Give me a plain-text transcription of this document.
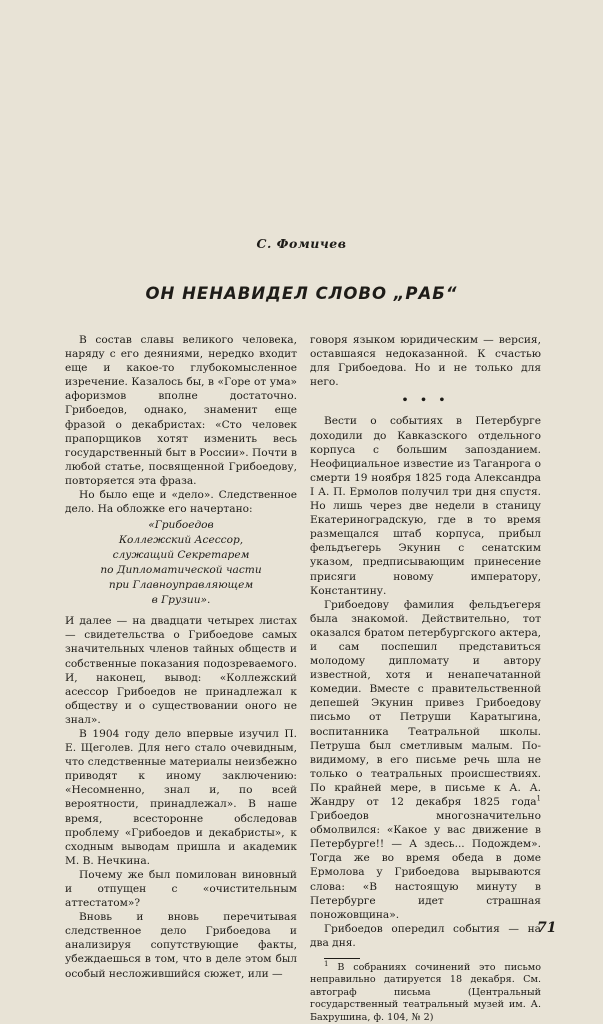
С. Фомичев
ОН НЕНАВИДЕЛ СЛОВО „РАБ“

В состав славы великого человека, наряду с его деяниями, нередко входит еще и какое-то глубокомысленное изречение. Казалось бы, в «Горе от ума» афоризмов вполне достаточно. Грибоедов, однако, знаменит еще фразой о декабристах: «Сто человек прапорщиков хотят изменить весь государственный быт в России». Почти в любой статье, посвященной Грибоедову, повторяется эта фраза.

Но было еще и «дело». Следственное дело. На обложке его начертано:

«Грибоедов
Коллежский Асессор,
служащий Секретарем
по Дипломатической части
при Главноуправляющем
в Грузии».

И далее — на двадцати четырех листах — свидетельства о Грибоедове самых значительных членов тайных обществ и собственные показания подозреваемого. И, наконец, вывод: «Коллежский асессор Грибоедов не принадлежал к обществу и о существовании оного не знал».

В 1904 году дело впервые изучил П. Е. Щеголев. Для него стало очевидным, что следственные материалы неизбежно приводят к иному заключению: «Несомненно, знал и, по всей вероятности, принадлежал». В наше время, всесторонне обследовав проблему «Грибоедов и декабристы», к сходным выводам пришла и академик М. В. Нечкина.

Почему же был помилован виновный и отпущен с «очистительным аттестатом»?

Вновь и вновь перечитывая следственное дело Грибоедова и анализируя сопутствующие факты, убеждаешься в том, что в деле этом был особый несложившийся сюжет, или —

говоря языком юридическим — версия, оставшаяся недоказанной. К счастью для Грибоедова. Но и не только для него.

• • •

Вести о событиях в Петербурге доходили до Кавказского отдельного корпуса с большим запозданием. Неофициальное известие из Таганрога о смерти 19 ноября 1825 года Александра I А. П. Ермолов получил три дня спустя. Но лишь через две недели в станицу Екатериноградскую, где в то время размещался штаб корпуса, прибыл фельдъегерь Экунин с сенатским указом, предписывающим принесение присяги новому императору, Константину.

Грибоедову фамилия фельдъегеря была знакомой. Действительно, тот оказался братом петербургского актера, и сам поспешил представиться молодому дипломату и автору известной, хотя и ненапечатанной комедии. Вместе с правительственной депешей Экунин привез Грибоедову письмо от Петруши Каратыгина, воспитанника Театральной школы. Петруша был сметливым малым. По-видимому, в его письме речь шла не только о театральных происшествиях. По крайней мере, в письме к А. А. Жандру от 12 декабря 1825 года$^1$ Грибоедов многозначительно обмолвился: «Какое у вас движение в Петербурге!! — А здесь... Подождем». Тогда же во время обеда в доме Ермолова у Грибоедова вырываются слова: «В настоящую минуту в Петербурге идет страшная поножовщина».

Грибоедов опередил события — на два дня.

$^1$ В собраниях сочинений это письмо неправильно датируется 18 декабря. См. автограф письма (Центральный государственный театральный музей им. А. Бахрушина, ф. 104, № 2)

71
